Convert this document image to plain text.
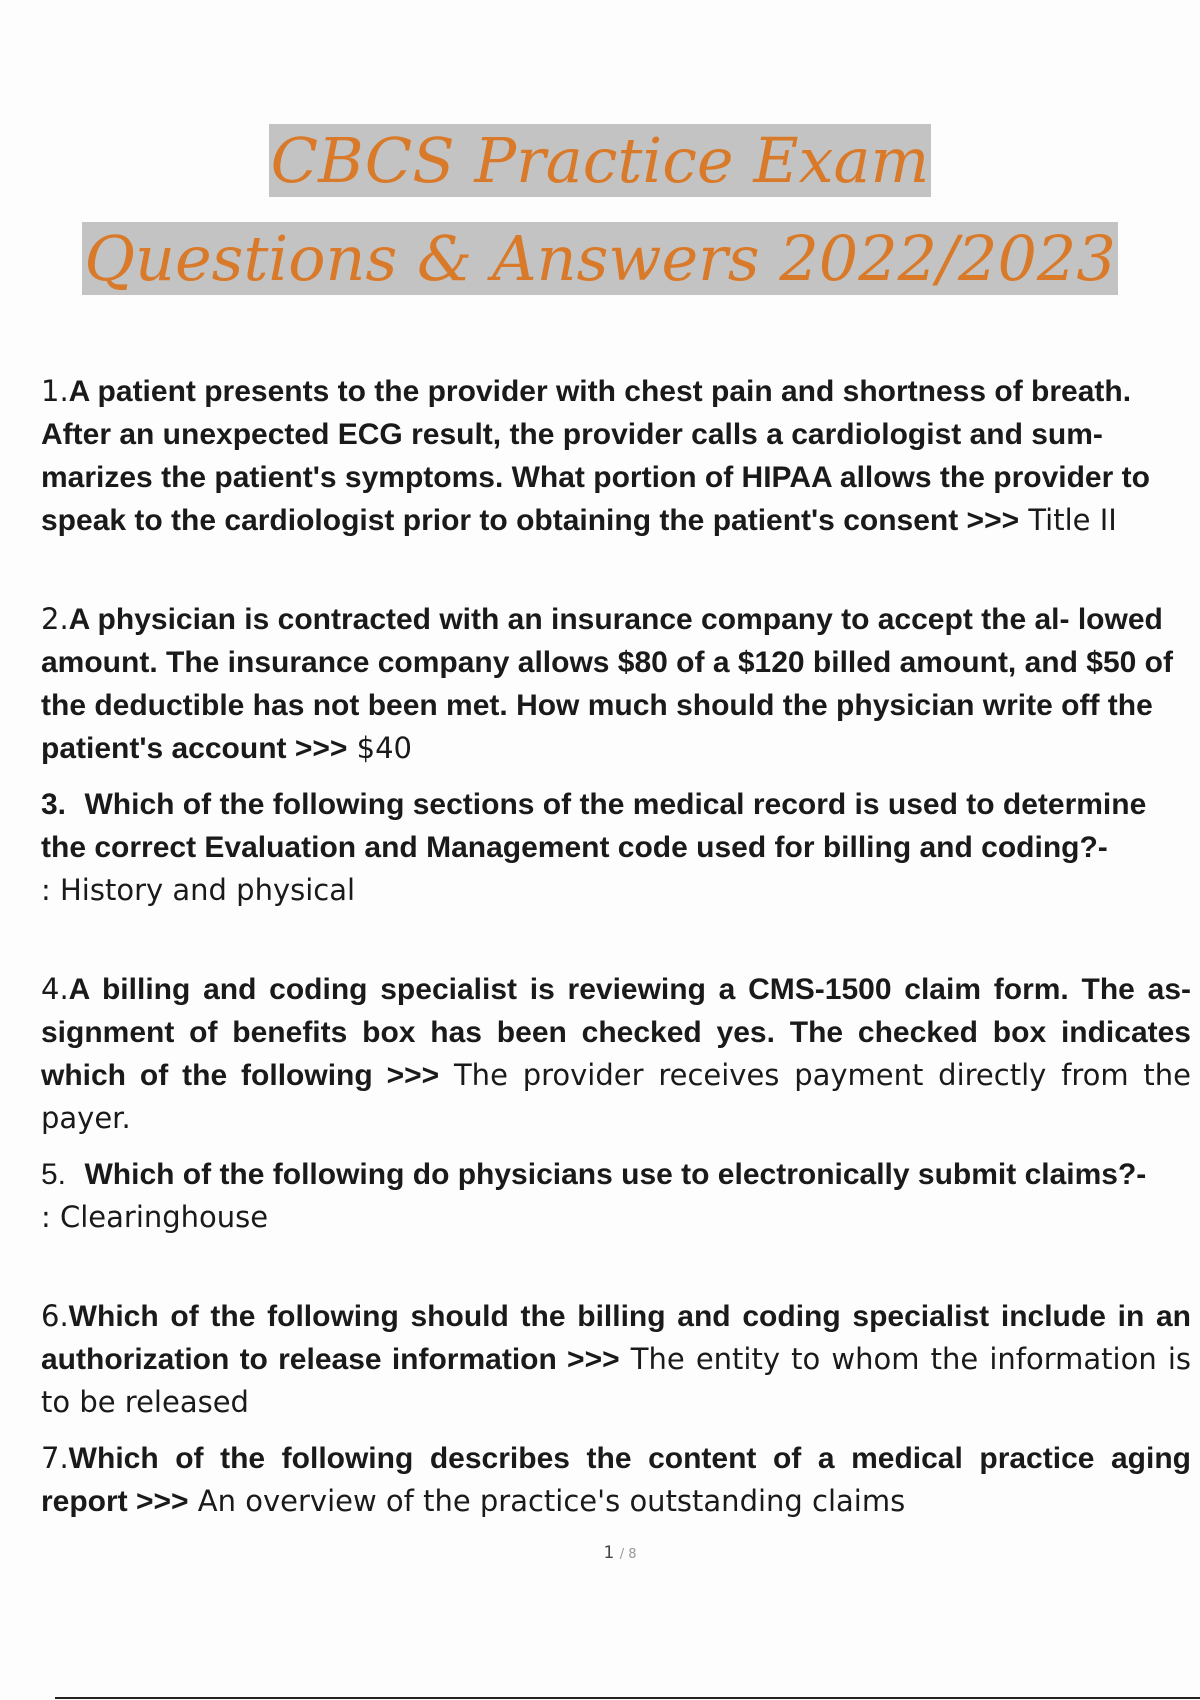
CBCS Practice Exam
Questions & Answers 2022/2023

1.A patient presents to the provider with chest pain and shortness of breath. After an unexpected ECG result, the provider calls a cardiologist and sum- marizes the patient's symptoms. What portion of HIPAA allows the provider to speak to the cardiologist prior to obtaining the patient's consent >>> Title II

2.A physician is contracted with an insurance company to accept the al- lowed amount. The insurance company allows $80 of a $120 billed amount, and $50 of the deductible has not been met. How much should the physician write off the patient's account >>> $40

3. Which of the following sections of the medical record is used to determine the correct Evaluation and Management code used for billing and coding?-
: History and physical

4.A billing and coding specialist is reviewing a CMS-1500 claim form. The as- signment of benefits box has been checked yes. The checked box indicates which of the following >>> The provider receives payment directly from the payer.

5. Which of the following do physicians use to electronically submit claims?-
: Clearinghouse

6.Which of the following should the billing and coding specialist include in an authorization to release information >>> The entity to whom the information is to be released

7.Which of the following describes the content of a medical practice aging report >>> An overview of the practice's outstanding claims

1 / 8
